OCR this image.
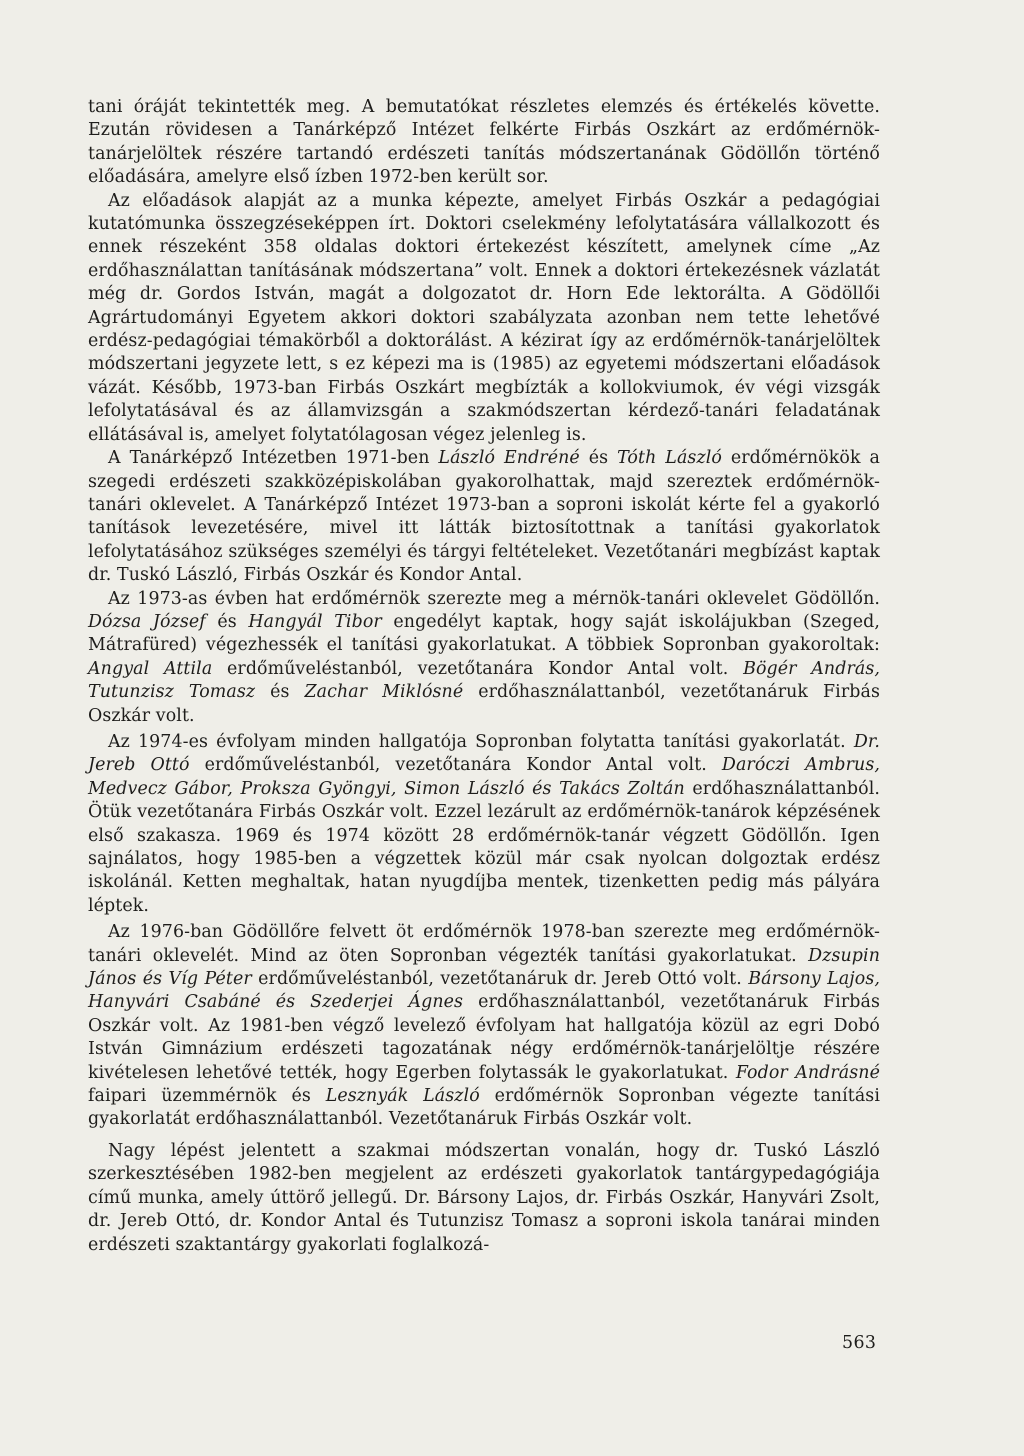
tani óráját tekintették meg. A bemutatókat részletes elemzés és értékelés követte. Ezután rövidesen a Tanárképző Intézet felkérte Firbás Oszkárt az erdőmérnök-tanárjelöltek részére tartandó erdészeti tanítás módszertanának Gödöllőn történő előadására, amelyre első ízben 1972-ben került sor.

Az előadások alapját az a munka képezte, amelyet Firbás Oszkár a pedagógiai kutatómunka összegzéseképpen írt. Doktori cselekmény lefolytatására vállalkozott és ennek részeként 358 oldalas doktori értekezést készített, amelynek címe „Az erdőhasználattan tanításának módszertana” volt. Ennek a doktori értekezésnek vázlatát még dr. Gordos István, magát a dolgozatot dr. Horn Ede lektorálta. A Gödöllői Agrártudományi Egyetem akkori doktori szabályzata azonban nem tette lehetővé erdész-pedagógiai témakörből a doktorálást. A kézirat így az erdőmérnök-tanárjelöltek módszertani jegyzete lett, s ez képezi ma is (1985) az egyetemi módszertani előadások vázát. Később, 1973-ban Firbás Oszkárt megbízták a kollokviumok, év végi vizsgák lefolytatásával és az államvizsgán a szakmódszertan kérdező-tanári feladatának ellátásával is, amelyet folytatólagosan végez jelenleg is.

A Tanárképző Intézetben 1971-ben László Endréné és Tóth László erdőmérnökök a szegedi erdészeti szakközépiskolában gyakorolhattak, majd szereztek erdőmérnök-tanári oklevelet. A Tanárképző Intézet 1973-ban a soproni iskolát kérte fel a gyakorló tanítások levezetésére, mivel itt látták biztosítottnak a tanítási gyakorlatok lefolytatásához szükséges személyi és tárgyi feltételeket. Vezetőtanári megbízást kaptak dr. Tuskó László, Firbás Oszkár és Kondor Antal.

Az 1973-as évben hat erdőmérnök szerezte meg a mérnök-tanári oklevelet Gödöllőn. Dózsa József és Hangyál Tibor engedélyt kaptak, hogy saját iskolájukban (Szeged, Mátrafüred) végezhessék el tanítási gyakorlatukat. A többiek Sopronban gyakoroltak: Angyal Attila erdőműveléstanból, vezetőtanára Kondor Antal volt. Bögér András, Tutunzisz Tomasz és Zachar Miklósné erdőhasználattanból, vezetőtanáruk Firbás Oszkár volt.

Az 1974-es évfolyam minden hallgatója Sopronban folytatta tanítási gyakorlatát. Dr. Jereb Ottó erdőműveléstanból, vezetőtanára Kondor Antal volt. Daróczi Ambrus, Medvecz Gábor, Proksza Gyöngyi, Simon László és Takács Zoltán erdőhasználattanból. Ötük vezetőtanára Firbás Oszkár volt. Ezzel lezárult az erdőmérnök-tanárok képzésének első szakasza. 1969 és 1974 között 28 erdőmérnök-tanár végzett Gödöllőn. Igen sajnálatos, hogy 1985-ben a végzettek közül már csak nyolcan dolgoztak erdész iskolánál. Ketten meghaltak, hatan nyugdíjba mentek, tizenketten pedig más pályára léptek.

Az 1976-ban Gödöllőre felvett öt erdőmérnök 1978-ban szerezte meg erdőmérnök-tanári oklevelét. Mind az öten Sopronban végezték tanítási gyakorlatukat. Dzsupin János és Víg Péter erdőműveléstanból, vezetőtanáruk dr. Jereb Ottó volt. Bársony Lajos, Hanyvári Csabáné és Szederjei Ágnes erdőhasználattanból, vezetőtanáruk Firbás Oszkár volt. Az 1981-ben végző levelező évfolyam hat hallgatója közül az egri Dobó István Gimnázium erdészeti tagozatának négy erdőmérnök-tanárjelöltje részére kivételesen lehetővé tették, hogy Egerben folytassák le gyakorlatukat. Fodor Andrásné faipari üzemmérnök és Lesznyák László erdőmérnök Sopronban végezte tanítási gyakorlatát erdőhasználattanból. Vezetőtanáruk Firbás Oszkár volt.

Nagy lépést jelentett a szakmai módszertan vonalán, hogy dr. Tuskó László szerkesztésében 1982-ben megjelent az erdészeti gyakorlatok tantárgypedagógiája című munka, amely úttörő jellegű. Dr. Bársony Lajos, dr. Firbás Oszkár, Hanyvári Zsolt, dr. Jereb Ottó, dr. Kondor Antal és Tutunzisz Tomasz a soproni iskola tanárai minden erdészeti szaktantárgy gyakorlati foglalkozá-

563
